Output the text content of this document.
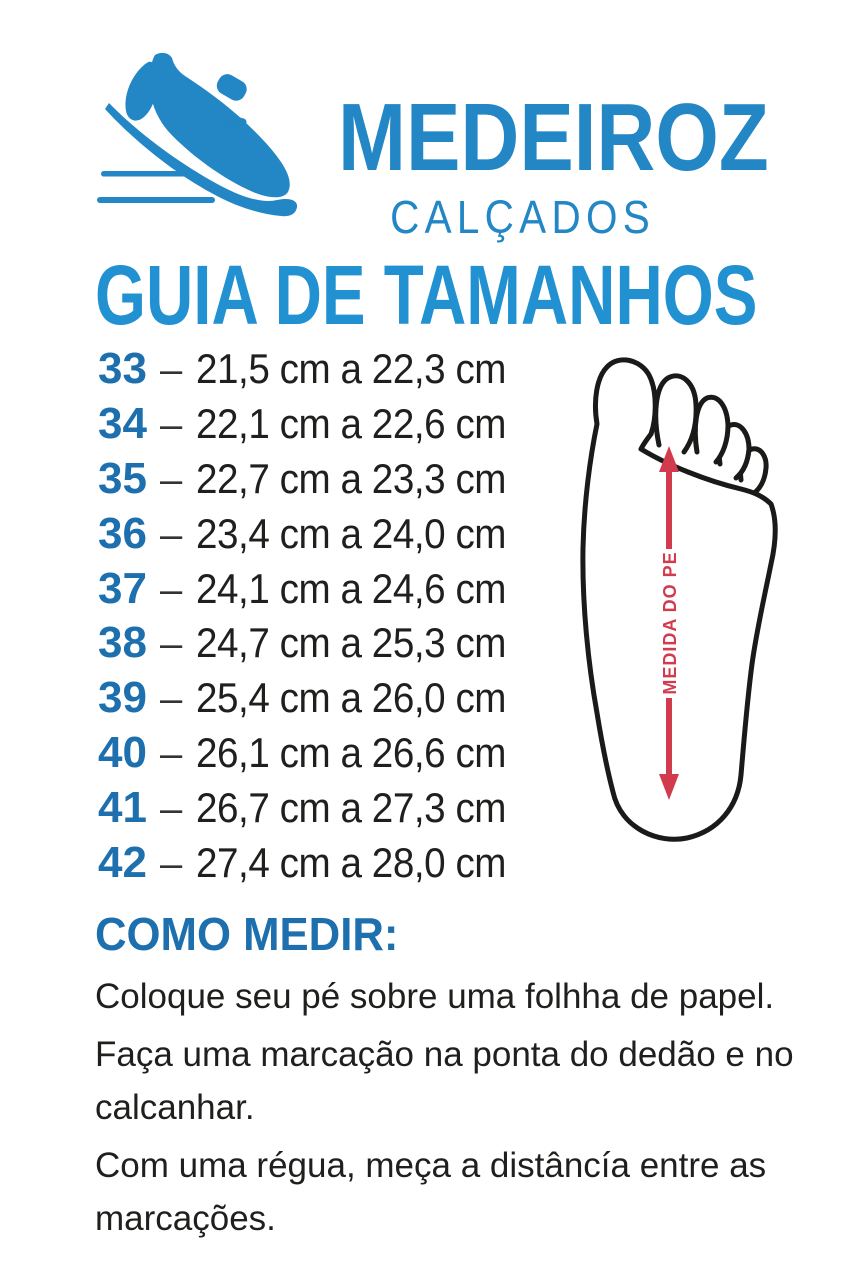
MEDEIROZ
CALÇADOS
GUIA DE TAMANHOS
33 – 21,5 cm a 22,3 cm
34 – 22,1 cm a 22,6 cm
35 – 22,7 cm a 23,3 cm
36 – 23,4 cm a 24,0 cm
37 – 24,1 cm a 24,6 cm
38 – 24,7 cm a 25,3 cm
39 – 25,4 cm a 26,0 cm
40 – 26,1 cm a 26,6 cm
41 – 26,7 cm a 27,3 cm
42 – 27,4 cm a 28,0 cm
MEDIDA DO PE
COMO MEDIR:

Coloque seu pé sobre uma folhha de papel.

Faça uma marcação na ponta do dedão e no calcanhar.

Com uma régua, meça a distâncía entre as marcações.
